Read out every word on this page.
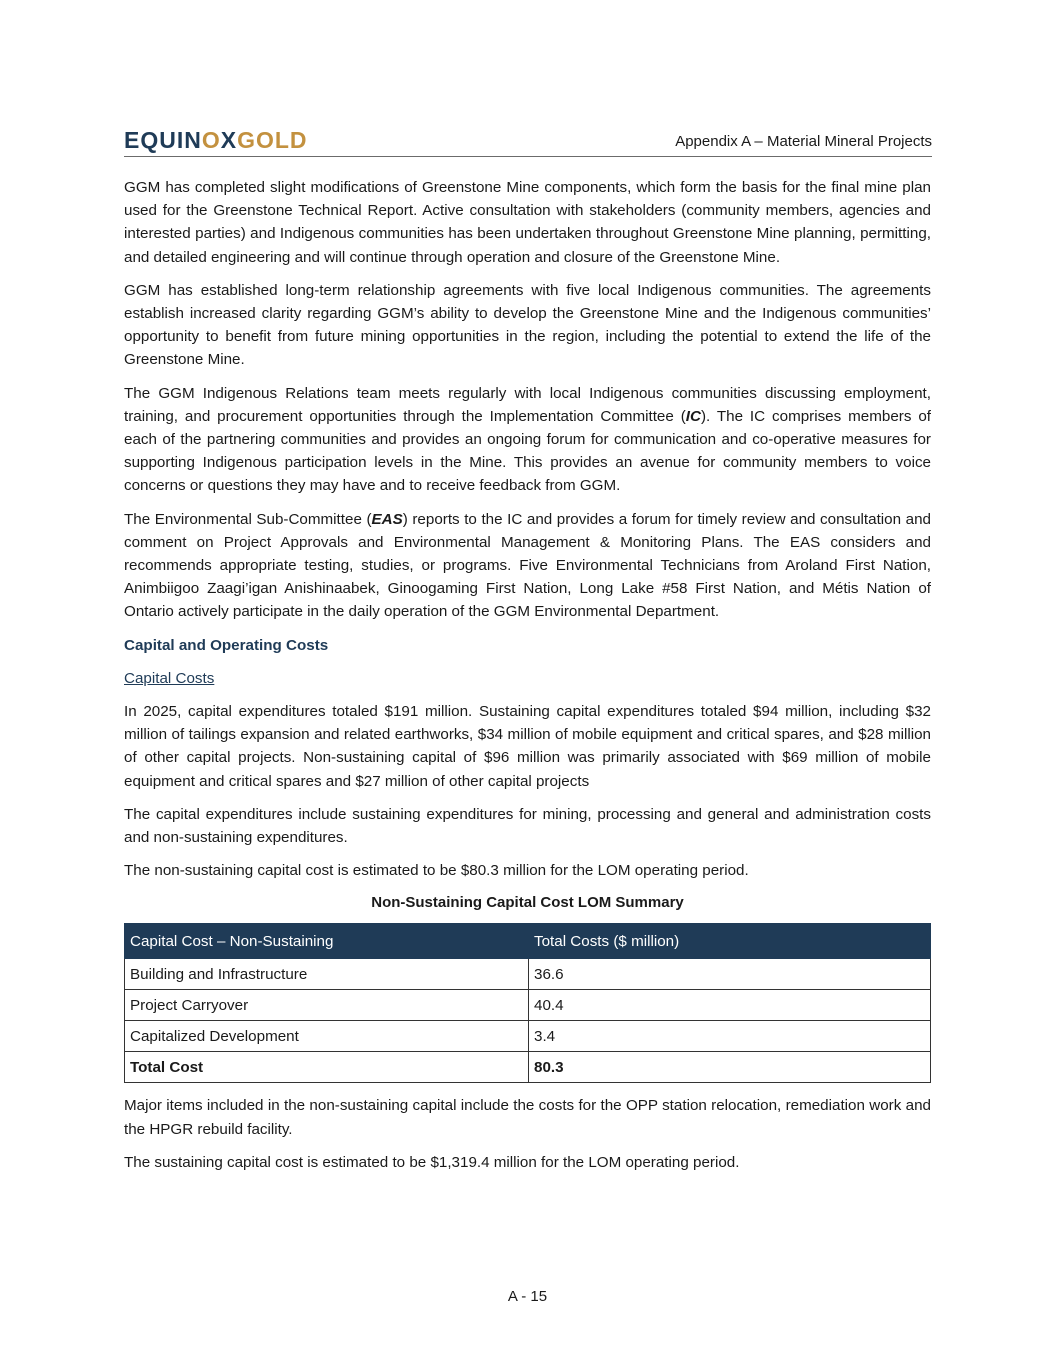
EQUINOXGOLD	Appendix A – Material Mineral Projects

GGM has completed slight modifications of Greenstone Mine components, which form the basis for the final mine plan used for the Greenstone Technical Report. Active consultation with stakeholders (community members, agencies and interested parties) and Indigenous communities has been undertaken throughout Greenstone Mine planning, permitting, and detailed engineering and will continue through operation and closure of the Greenstone Mine.

GGM has established long-term relationship agreements with five local Indigenous communities. The agreements establish increased clarity regarding GGM’s ability to develop the Greenstone Mine and the Indigenous communities’ opportunity to benefit from future mining opportunities in the region, including the potential to extend the life of the Greenstone Mine.

The GGM Indigenous Relations team meets regularly with local Indigenous communities discussing employment, training, and procurement opportunities through the Implementation Committee (IC). The IC comprises members of each of the partnering communities and provides an ongoing forum for communication and co-operative measures for supporting Indigenous participation levels in the Mine. This provides an avenue for community members to voice concerns or questions they may have and to receive feedback from GGM.

The Environmental Sub-Committee (EAS) reports to the IC and provides a forum for timely review and consultation and comment on Project Approvals and Environmental Management & Monitoring Plans. The EAS considers and recommends appropriate testing, studies, or programs. Five Environmental Technicians from Aroland First Nation, Animbiigoo Zaagi’igan Anishinaabek, Ginoogaming First Nation, Long Lake #58 First Nation, and Métis Nation of Ontario actively participate in the daily operation of the GGM Environmental Department.

Capital and Operating Costs
Capital Costs

In 2025, capital expenditures totaled $191 million. Sustaining capital expenditures totaled $94 million, including $32 million of tailings expansion and related earthworks, $34 million of mobile equipment and critical spares, and $28 million of other capital projects. Non-sustaining capital of $96 million was primarily associated with $69 million of mobile equipment and critical spares and $27 million of other capital projects

The capital expenditures include sustaining expenditures for mining, processing and general and administration costs and non-sustaining expenditures.

The non-sustaining capital cost is estimated to be $80.3 million for the LOM operating period.

Non-Sustaining Capital Cost LOM Summary
Capital Cost – Non-Sustaining	Total Costs ($ million)
Building and Infrastructure	36.6
Project Carryover	40.4
Capitalized Development	3.4
Total Cost	80.3

Major items included in the non-sustaining capital include the costs for the OPP station relocation, remediation work and the HPGR rebuild facility.

The sustaining capital cost is estimated to be $1,319.4 million for the LOM operating period.

A - 15
